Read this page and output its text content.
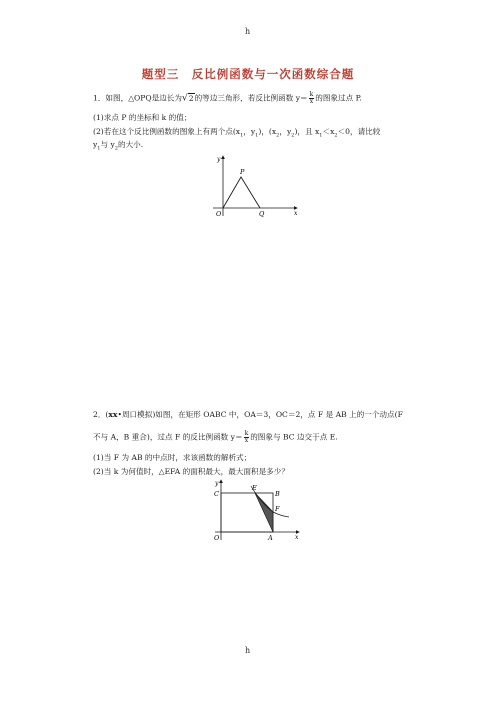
h
题型三　反比例函数与一次函数综合题
1．如图，△OPQ是边长为√2的等边三角形，若反比例函数 $y= \frac{k}{x}$ 的图象过点 P.
(1)求点 P 的坐标和 k 的值；
(2)若在这个反比例函数的图象上有两个点($x_1$，$y_1$)，($x_2$，$y_2$)，且 $x_1<x_2<0$，请比较
$y_1$与 $y_2$的大小.
y
x
O
P
Q
2．(xx•周口模拟)如图，在矩形 OABC 中，OA＝3，OC＝2，点 F 是 AB 上的一个动点(F
不与 A，B 重合)，过点 F 的反比例函数 $y= \frac{k}{x}$ 的图象与 BC 边交于点 E.
(1)当 F 为 AB 的中点时，求该函数的解析式；
(2)当 k 为何值时，△EFA 的面积最大，最大面积是多少？
y
x
O
C
A
B
E
F
h
